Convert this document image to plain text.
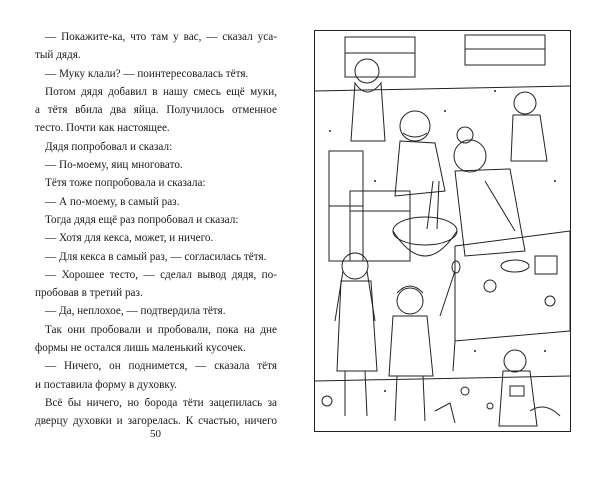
— Покажите-ка, что там у вас, — сказал уса-
тый дядя.
— Муку клали? — поинтересовалась тётя.
Потом дядя добавил в нашу смесь ещё муки,
а тётя вбила два яйца. Получилось отменное
тесто. Почти как настоящее.
Дядя попробовал и сказал:
— По-моему, яиц многовато.
Тётя тоже попробовала и сказала:
— А по-моему, в самый раз.
Тогда дядя ещё раз попробовал и сказал:
— Хотя для кекса, может, и ничего.
— Для кекса в самый раз, — согласилась тётя.
— Хорошее тесто, — сделал вывод дядя, по-
пробовав в третий раз.
— Да, неплохое, — подтвердила тётя.
Так они пробовали и пробовали, пока на дне
формы не остался лишь маленький кусочек.
— Ничего, он поднимется, — сказала тётя
и поставила форму в духовку.
Всё бы ничего, но борода тёти зацепилась за
дверцу духовки и загорелась. К счастью, ничего
50
